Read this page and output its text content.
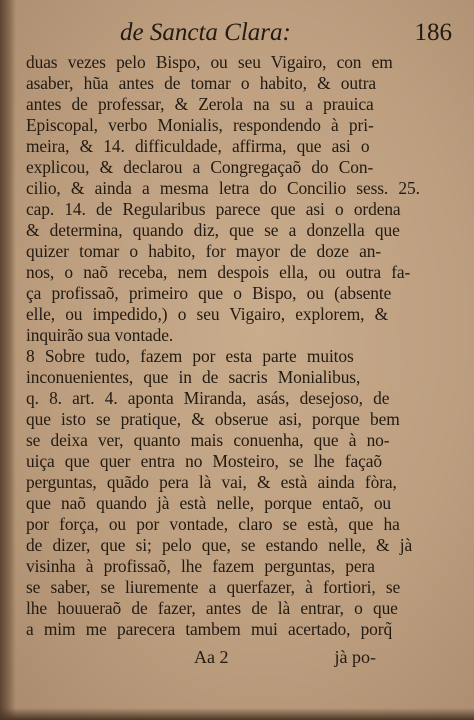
de Sancta Clara:	186
duas vezes pelo Bispo, ou seu Vigairo, con em
asaber, hũa antes de tomar o habito, & outra
antes de professar, & Zerola na su a prauica
Episcopal, verbo Monialis, respondendo à pri-
meira, & 14. difficuldade, affirma, que asi o
explicou, & declarou a Congregaçaõ do Con-
cilio, & ainda a mesma letra do Concilio sess. 25.
cap. 14. de Regularibus parece que asi o ordena
& determina, quando diz, que se a donzella que
quizer tomar o habito, for mayor de doze an-
nos, o naõ receba, nem despois ella, ou outra fa-
ça profissaõ, primeiro que o Bispo, ou (absente
elle, ou impedido,) o seu Vigairo, explorem, &
inquirão sua vontade.
8 Sobre tudo, fazem por esta parte muitos
inconuenientes, que in de sacris Monialibus,
q. 8. art. 4. aponta Miranda, asás, desejoso, de
que isto se pratique, & obserue asi, porque bem
se deixa ver, quanto mais conuenha, que à no-
uiça que quer entra no Mosteiro, se lhe façaõ
perguntas, quãdo pera là vai, & està ainda fòra,
que naõ quando jà està nelle, porque entaõ, ou
por força, ou por vontade, claro se està, que ha
de dizer, que si; pelo que, se estando nelle, & jà
visinha à profissaõ, lhe fazem perguntas, pera
se saber, se liuremente a querfazer, à fortiori, se
lhe houueraõ de fazer, antes de là entrar, o que
a mim me parecera tambem mui acertado, porq̃
Aa 2	jà po-
